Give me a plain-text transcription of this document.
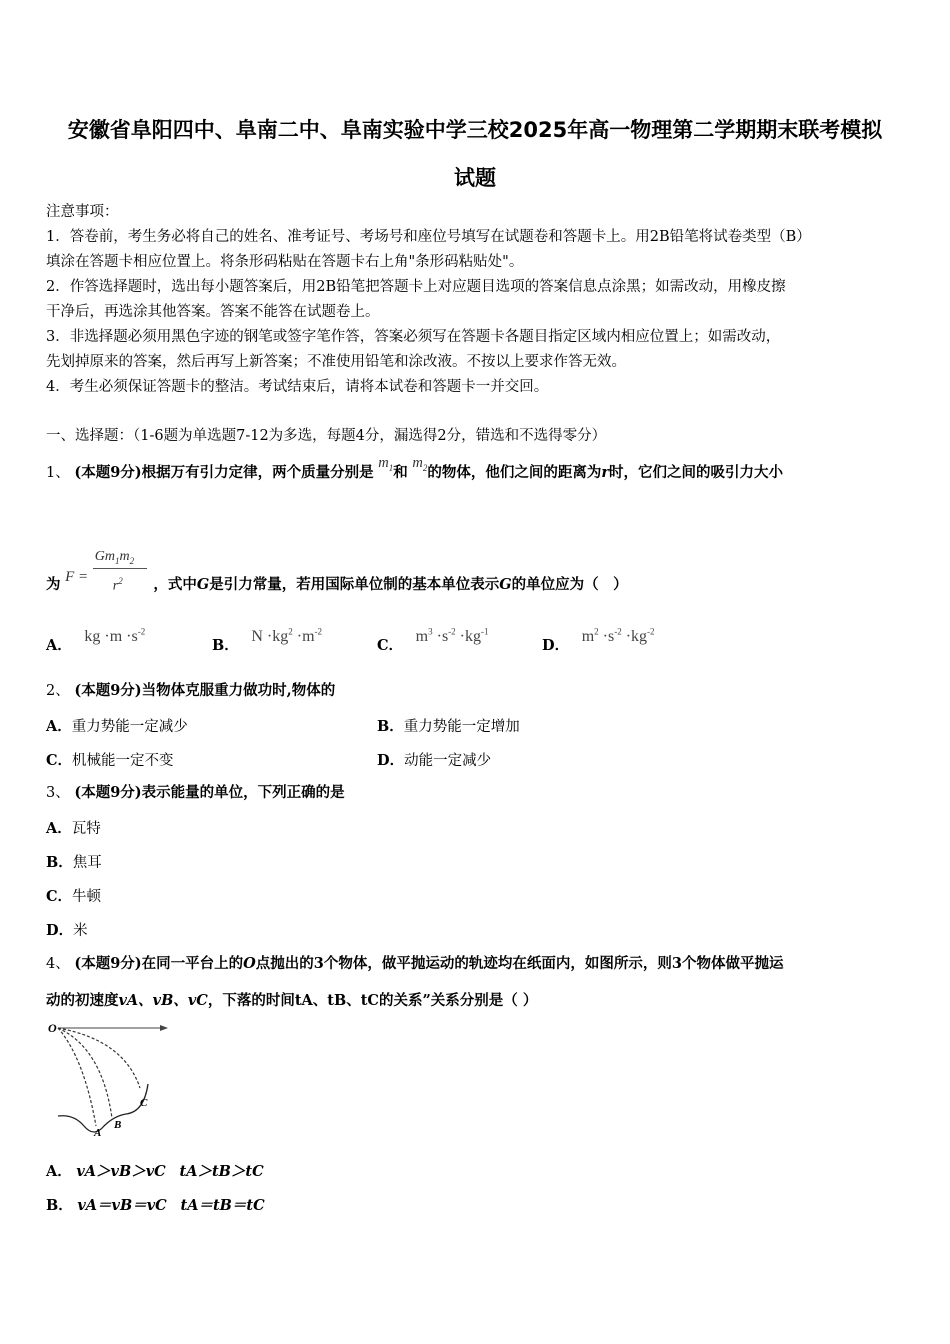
安徽省阜阳四中、阜南二中、阜南实验中学三校2025年高一物理第二学期期末联考模拟
试题
注意事项：
1．答卷前，考生务必将自己的姓名、准考证号、考场号和座位号填写在试题卷和答题卡上。用2B铅笔将试卷类型（B）
填涂在答题卡相应位置上。将条形码粘贴在答题卡右上角"条形码粘贴处"。
2．作答选择题时，选出每小题答案后，用2B铅笔把答题卡上对应题目选项的答案信息点涂黑；如需改动，用橡皮擦
干净后，再选涂其他答案。答案不能答在试题卷上。
3．非选择题必须用黑色字迹的钢笔或签字笔作答，答案必须写在答题卡各题目指定区域内相应位置上；如需改动，
先划掉原来的答案，然后再写上新答案；不准使用铅笔和涂改液。不按以上要求作答无效。
4．考生必须保证答题卡的整洁。考试结束后，请将本试卷和答题卡一并交回。
一、选择题：（1-6题为单选题7-12为多选，每题4分，漏选得2分，错选和不选得零分）
1、 (本题9分)根据万有引力定律，两个质量分别是 $m_1$和 $m_2$的物体，他们之间的距离为r时，它们之间的吸引力大小
为 $F = \frac{Gm_1m_2}{r^2}$ ，式中G是引力常量，若用国际单位制的基本单位表示G的单位应为（　）
A． kg $\cdot m \cdot s^{-2}$
B． $N \cdot kg^2 \cdot m^{-2}$
C． $m^3 \cdot s^{-2} \cdot kg^{-1}$
D． $m^2 \cdot s^{-2} \cdot kg^{-2}$
2、 (本题9分)当物体克服重力做功时,物体的
A．重力势能一定减少	B．重力势能一定增加
C．机械能一定不变	D．动能一定减少
3、 (本题9分)表示能量的单位，下列正确的是
A．瓦特
B．焦耳
C．牛顿
D．米
4、 (本题9分)在同一平台上的O点抛出的3个物体，做平抛运动的轨迹均在纸面内，如图所示，则3个物体做平抛运
动的初速度vA、vB、vC，下落的时间tA、tB、tC的关系”关系分别是（ ）
O
A
B
C
A． vA＞vB＞vC tA＞tB＞tC
B． vA＝vB＝vC tA＝tB＝tC
